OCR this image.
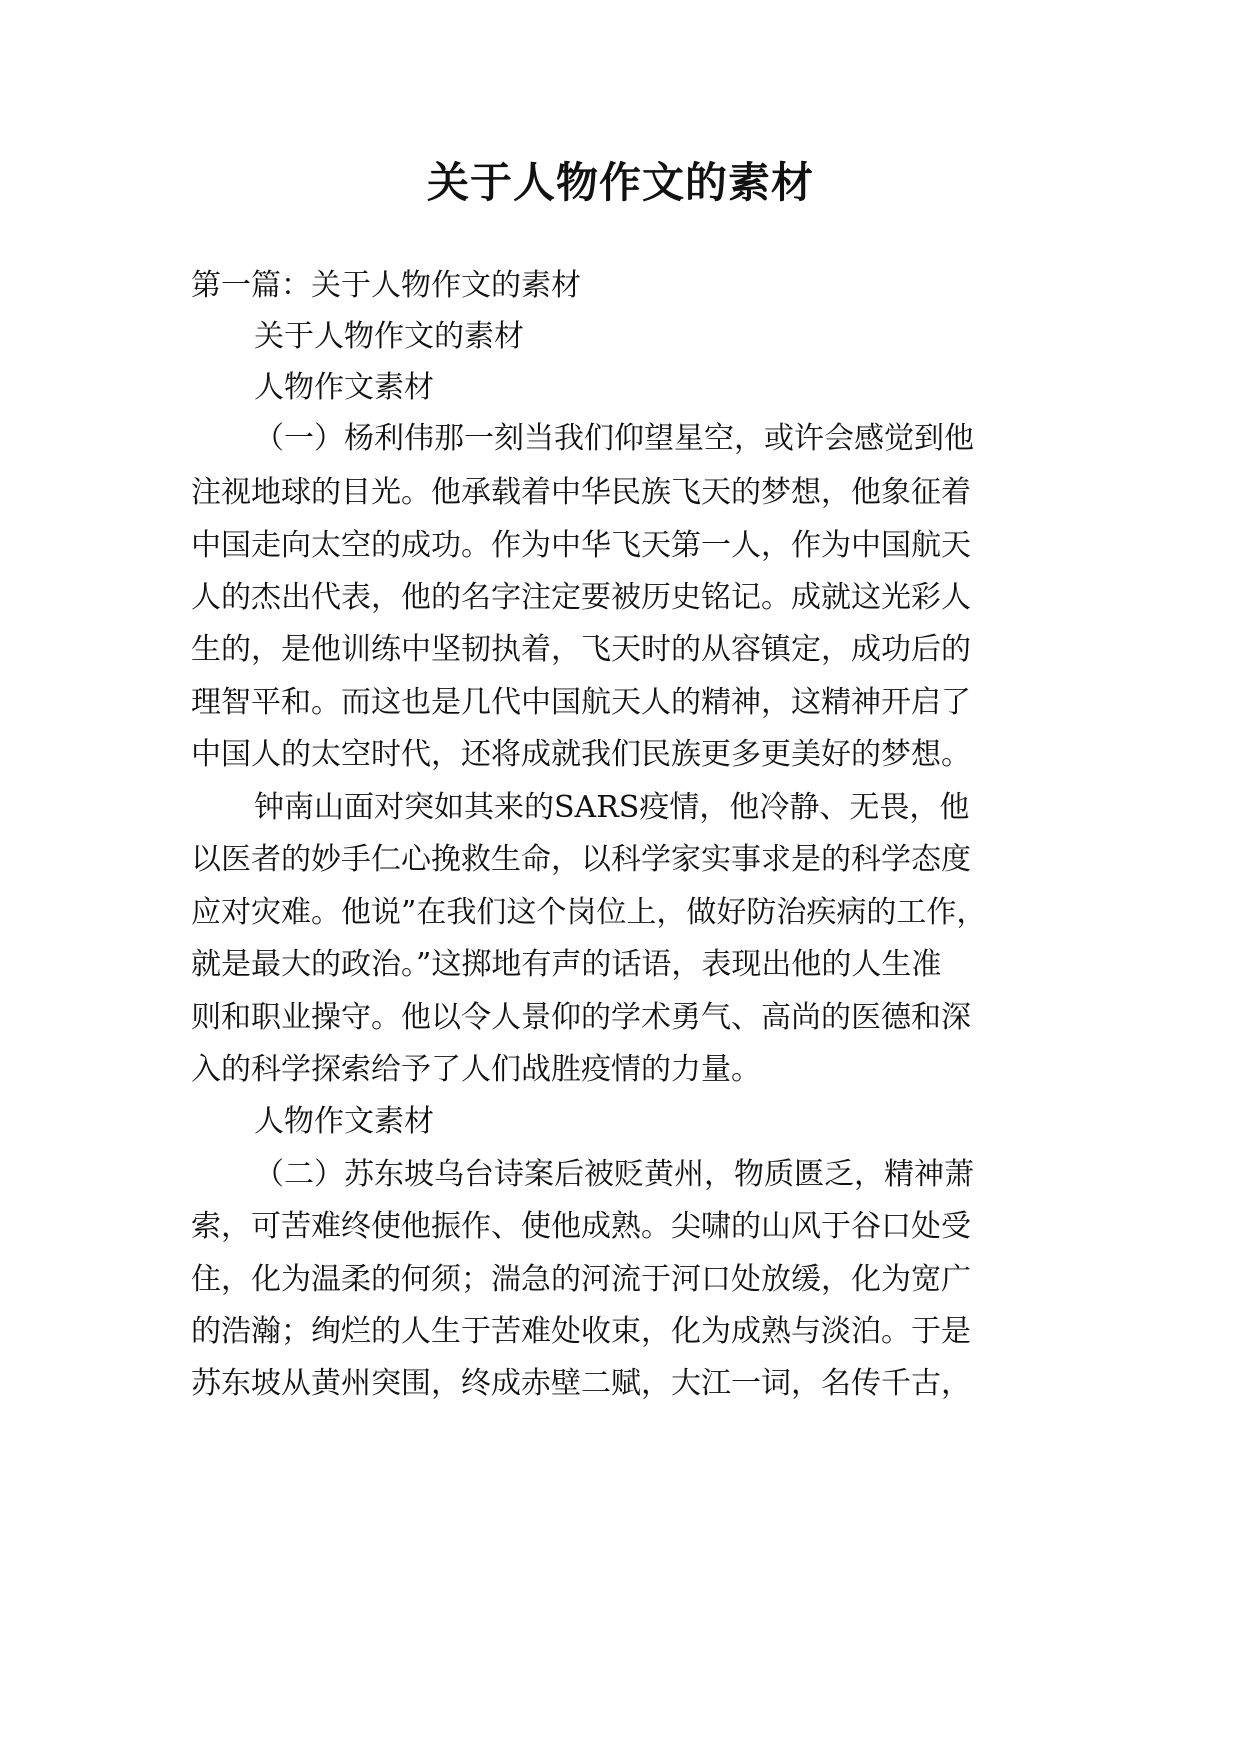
关于人物作文的素材
第一篇：关于人物作文的素材
关于人物作文的素材
人物作文素材
（一）杨利伟那一刻当我们仰望星空，或许会感觉到他
注视地球的目光。他承载着中华民族飞天的梦想，他象征着
中国走向太空的成功。作为中华飞天第一人，作为中国航天
人的杰出代表，他的名字注定要被历史铭记。成就这光彩人
生的，是他训练中坚韧执着，飞天时的从容镇定，成功后的
理智平和。而这也是几代中国航天人的精神，这精神开启了
中国人的太空时代，还将成就我们民族更多更美好的梦想。
钟南山面对突如其来的SARS疫情，他冷静、无畏，他
以医者的妙手仁心挽救生命，以科学家实事求是的科学态度
应对灾难。他说”在我们这个岗位上，做好防治疾病的工作，
就是最大的政治。”这掷地有声的话语，表现出他的人生准
则和职业操守。他以令人景仰的学术勇气、高尚的医德和深
入的科学探索给予了人们战胜疫情的力量。
人物作文素材
（二）苏东坡乌台诗案后被贬黄州，物质匮乏，精神萧
索，可苦难终使他振作、使他成熟。尖啸的山风于谷口处受
住，化为温柔的何须；湍急的河流于河口处放缓，化为宽广
的浩瀚；绚烂的人生于苦难处收束，化为成熟与淡泊。于是
苏东坡从黄州突围，终成赤壁二赋，大江一词，名传千古，
